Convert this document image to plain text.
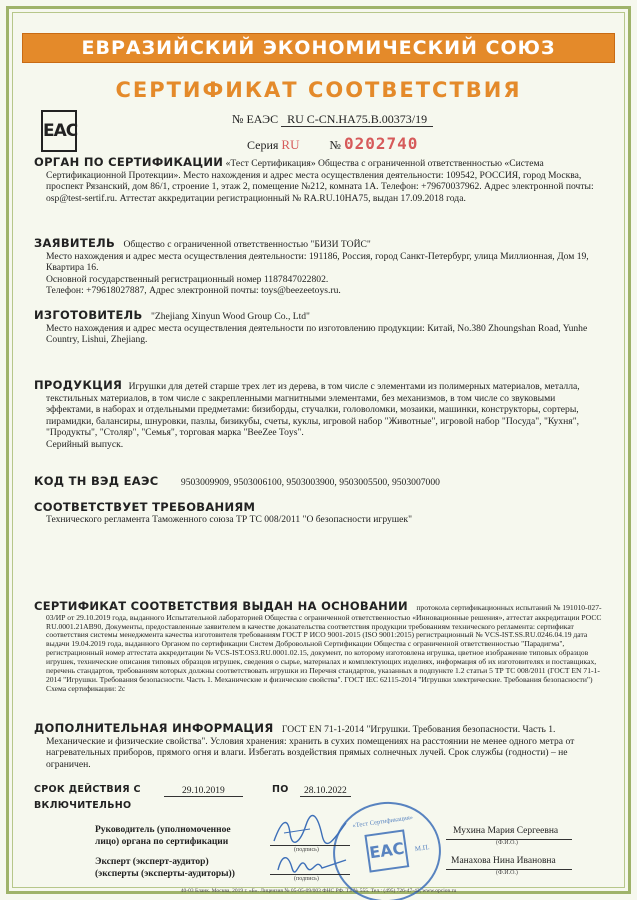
ЕВРАЗИЙСКИЙ ЭКОНОМИЧЕСКИЙ СОЮЗ
СЕРТИФИКАТ СООТВЕТСТВИЯ
EAC
№ ЕАЭС RU C-CN.HA75.B.00373/19
Серия RU	№ 0202740
ОРГАН ПО СЕРТИФИКАЦИИ «Тест Сертификация» Общества с ограниченной ответственностью «Система
Сертификационной Протекции». Место нахождения и адрес места осуществления деятельности: 109542, РОССИЯ, город Москва, проспект Рязанский, дом 86/1, строение 1, этаж 2, помещение №212, комната 1А. Телефон: +79670037962. Адрес электронной почты: osp@test-sertif.ru. Аттестат аккредитации регистрационный № RA.RU.10НА75, выдан 17.09.2018 года.
ЗАЯВИТЕЛЬ Общество с ограниченной ответственностью "БИЗИ ТОЙС"
Место нахождения и адрес места осуществления деятельности: 191186, Россия, город Санкт-Петербург, улица Миллионная, Дом 19, Квартира 16.
Основной государственный регистрационный номер 1187847022802.
Телефон: +79618027887, Адрес электронной почты: toys@beezeetoys.ru.
ИЗГОТОВИТЕЛЬ "Zhejiang Xinyun Wood Group Co., Ltd"
Место нахождения и адрес места осуществления деятельности по изготовлению продукции: Китай, No.380 Zhoungshan Road, Yunhe Country, Lishui, Zhejiang.
ПРОДУКЦИЯ Игрушки для детей старше трех лет из дерева, в том числе с элементами из полимерных материалов, металла,
текстильных материалов, в том числе с закрепленными магнитными элементами, без механизмов, в том числе со звуковыми эффектами, в наборах и отдельными предметами: бизиборды, стучалки, головоломки, мозаики, машинки, конструкторы, сортеры, пирамидки, балансиры, шнуровки, пазлы, бизикубы, счеты, куклы, игровой набор "Животные", игровой набор "Посуда", "Кухня", "Продукты", "Столяр", "Семья", торговая марка "BeeZee Toys".
Серийный выпуск.
КОД ТН ВЭД ЕАЭС 9503009909, 9503006100, 9503003900, 9503005500, 9503007000
СООТВЕТСТВУЕТ ТРЕБОВАНИЯМ
Технического регламента Таможенного союза ТР ТС 008/2011 "О безопасности игрушек"
СЕРТИФИКАТ СООТВЕТСТВИЯ ВЫДАН НА ОСНОВАНИИ протокола сертификационных испытаний № 191010-027-
03/ИР от 29.10.2019 года, выданного Испытательной лабораторией Общества с ограниченной ответственностью «Инновационные решения», аттестат аккредитации РОСС RU.0001.21АВ90, Документы, предоставленные заявителем в качестве доказательства соответствия продукции требованиям технического регламента: сертификат соответствия системы менеджмента качества изготовителя требованиям ГОСТ Р ИСО 9001-2015 (ISO 9001:2015) регистрационный № VCS-IST.SS.RU.0246.04.19 дата выдачи 19.04.2019 года, выданного Органом по сертификации Систем Добровольной Сертификации Общества с ограниченной ответственностью "Парадигма", регистрационный номер аттестата аккредитации № VCS-IST.OS3.RU.0001.02.15, документ, по которому изготовлена игрушка, цветное изображение типовых образцов игрушек, технические описания типовых образцов игрушек, сведения о сырье, материалах и комплектующих изделиях, информация об их изготовителях и поставщиках, перечень стандартов, требованиям которых должны соответствовать игрушки из Перечня стандартов, указанных в подпункте 1.2 статьи 5 ТР ТС 008/2011 (ГОСТ EN 71-1-2014 "Игрушки. Требования безопасности. Часть 1. Механические и физические свойства". ГОСТ IEC 62115-2014 "Игрушки электрические. Требования безопасности")
Схема сертификации: 2с
ДОПОЛНИТЕЛЬНАЯ ИНФОРМАЦИЯ ГОСТ EN 71-1-2014 "Игрушки. Требования безопасности. Часть 1.
Механические и физические свойства". Условия хранения: хранить в сухих помещениях на расстоянии не менее одного метра от нагревательных приборов, прямого огня и влаги. Избегать воздействия прямых солнечных лучей. Срок службы (годности) – не ограничен.
СРОК ДЕЙСТВИЯ С	29.10.2019	ПО	28.10.2022
ВКЛЮЧИТЕЛЬНО
«Тест Сертификация»
EAC	М.П.
Руководитель (уполномоченное
лицо) органа по сертификации
(подпись)
Мухина Мария Сергеевна
(Ф.И.О.)
Эксперт (эксперт-аудитор)
(эксперты (эксперты-аудиторы))	(подпись)
Манахова Нина Ивановна
(Ф.И.О.)
40-03 Бланк. Москва, 2019 г. «Б». Лицензия № 05-05-09/003 ФНС РФ. ТЗ № 555. Тел.: (495) 726-47-42, www.opcion.ru
